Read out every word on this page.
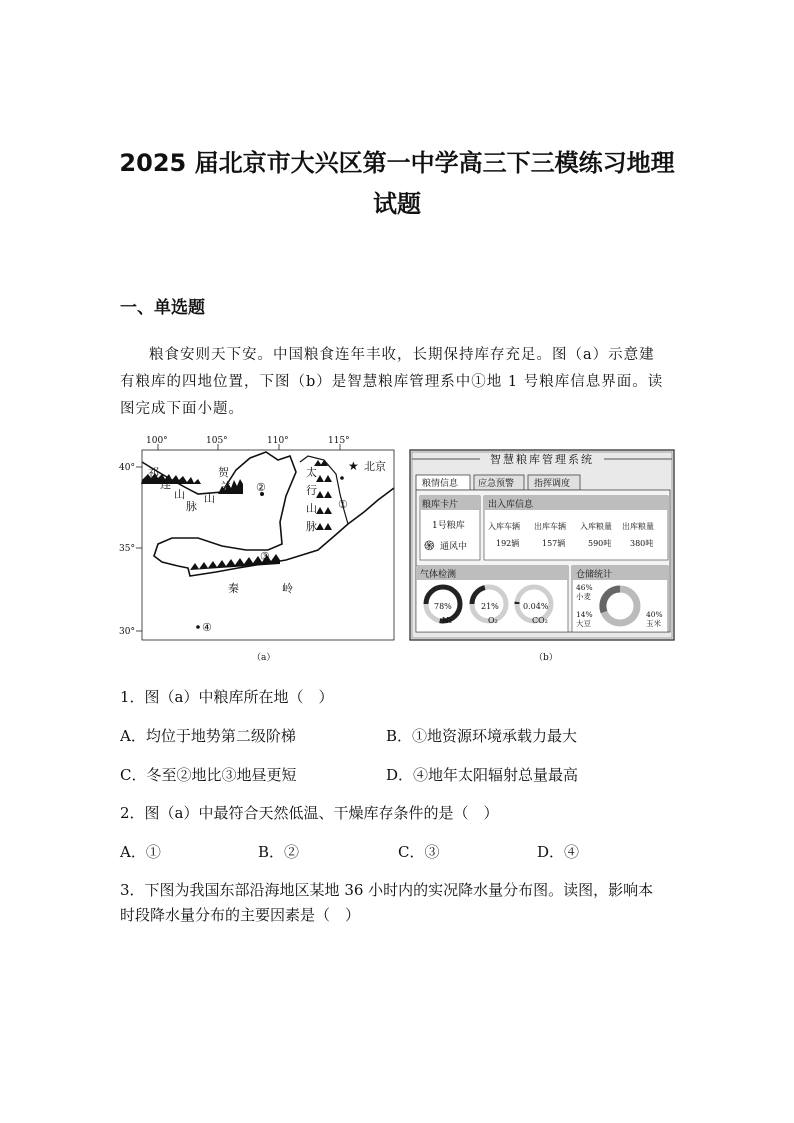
2025 届北京市大兴区第一中学高三下三模练习地理
试题
一、单选题
粮食安则天下安。中国粮食连年丰收，长期保持库存充足。图（a）示意建
有粮库的四地位置，下图（b）是智慧粮库管理系中①地 1 号粮库信息界面。读
图完成下面小题。
100°	105°	110°	115°
40°
35°
30°
祁
连
山
脉
贺
兰
山
太
行
山
脉
秦	岭
北京
★
①
②
③
④
（a）
智慧粮库管理系统
粮情信息 应急预警 指挥调度
粮库卡片
1号粮库
通风中
֍
出入库信息
入库车辆 出库车辆 入库粮量 出库粮量
192辆	157辆	590吨 380吨
气体检测
78%
N₂
21%
O₂
0.04%
CO₂
仓储统计
46%
小麦
14%
大豆
40%
玉米
（b）
1．图（a）中粮库所在地（　）
A．均位于地势第二级阶梯	B．①地资源环境承载力最大
C．冬至②地比③地昼更短	D．④地年太阳辐射总量最高
2．图（a）中最符合天然低温、干燥库存条件的是（　）
A．①	B．②	C．③	D．④
3．下图为我国东部沿海地区某地 36 小时内的实况降水量分布图。读图，影响本
时段降水量分布的主要因素是（　）
